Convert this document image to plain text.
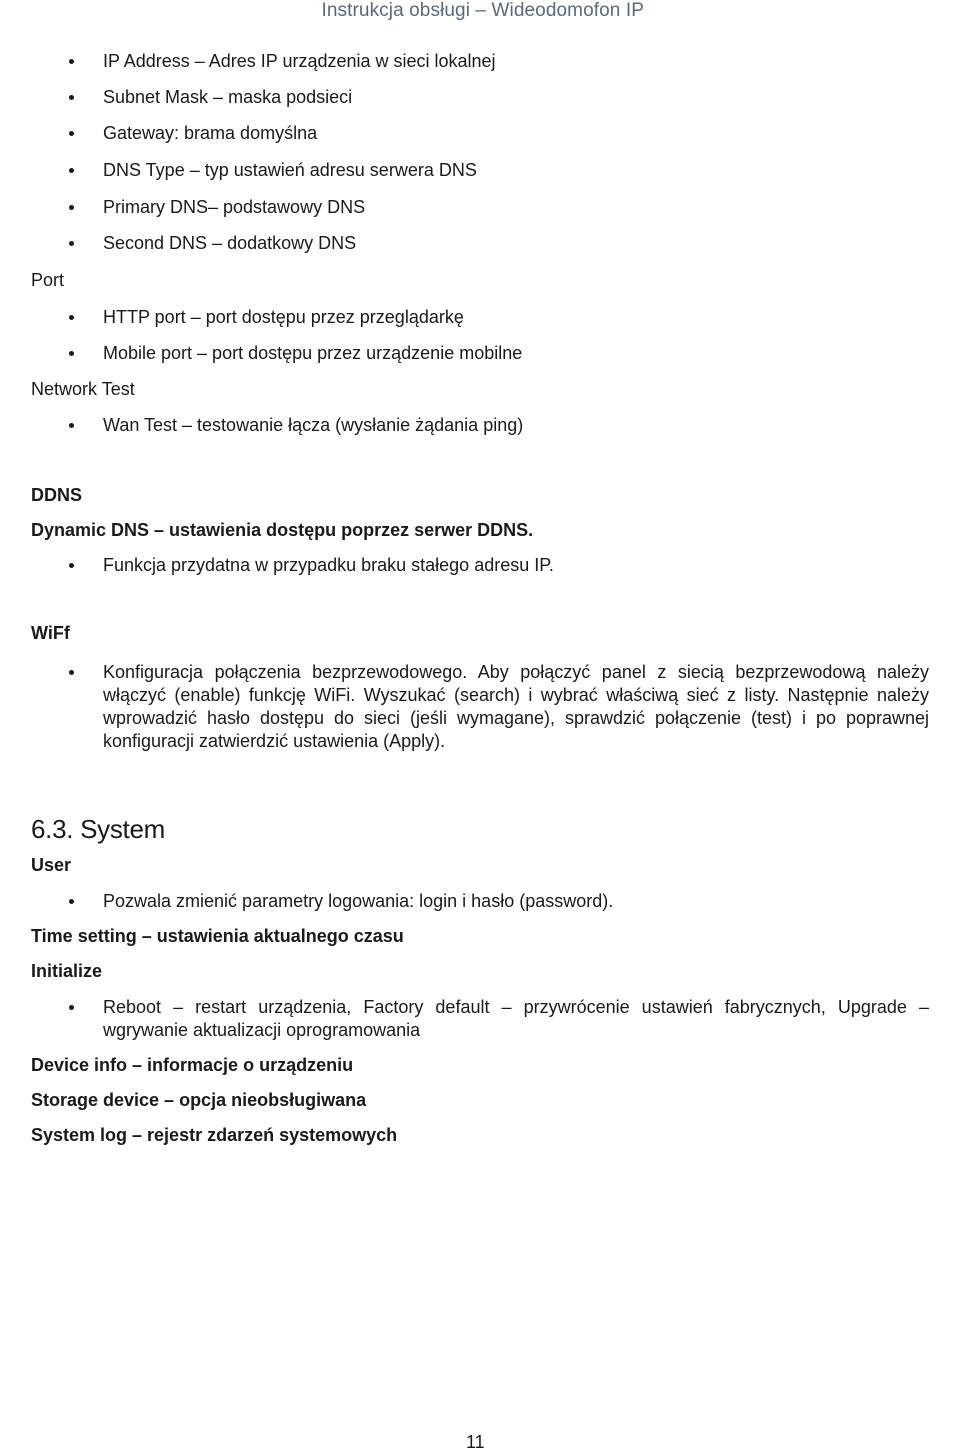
Instrukcja obsługi – Wideodomofon IP
IP Address – Adres IP urządzenia w sieci lokalnej
Subnet Mask – maska podsieci
Gateway: brama domyślna
DNS Type – typ ustawień adresu serwera DNS
Primary DNS– podstawowy DNS
Second DNS – dodatkowy DNS
Port
HTTP port – port dostępu przez przeglądarkę
Mobile port – port dostępu przez urządzenie mobilne
Network Test
Wan Test – testowanie łącza (wysłanie żądania ping)
DDNS
Dynamic DNS – ustawienia dostępu poprzez serwer DDNS.
Funkcja przydatna w przypadku braku stałego adresu IP.
WiFf
Konfiguracja połączenia bezprzewodowego. Aby połączyć panel z siecią bezprzewodową należy włączyć (enable) funkcję WiFi. Wyszukać (search) i wybrać właściwą sieć z listy. Następnie należy wprowadzić hasło dostępu do sieci (jeśli wymagane), sprawdzić połączenie (test) i po poprawnej konfiguracji zatwierdzić ustawienia (Apply).
6.3. System
User
Pozwala zmienić parametry logowania: login i hasło (password).
Time setting – ustawienia aktualnego czasu
Initialize
Reboot – restart urządzenia, Factory default – przywrócenie ustawień fabrycznych, Upgrade – wgrywanie aktualizacji oprogramowania
Device info – informacje o urządzeniu
Storage device – opcja nieobsługiwana
System log – rejestr zdarzeń systemowych
11
